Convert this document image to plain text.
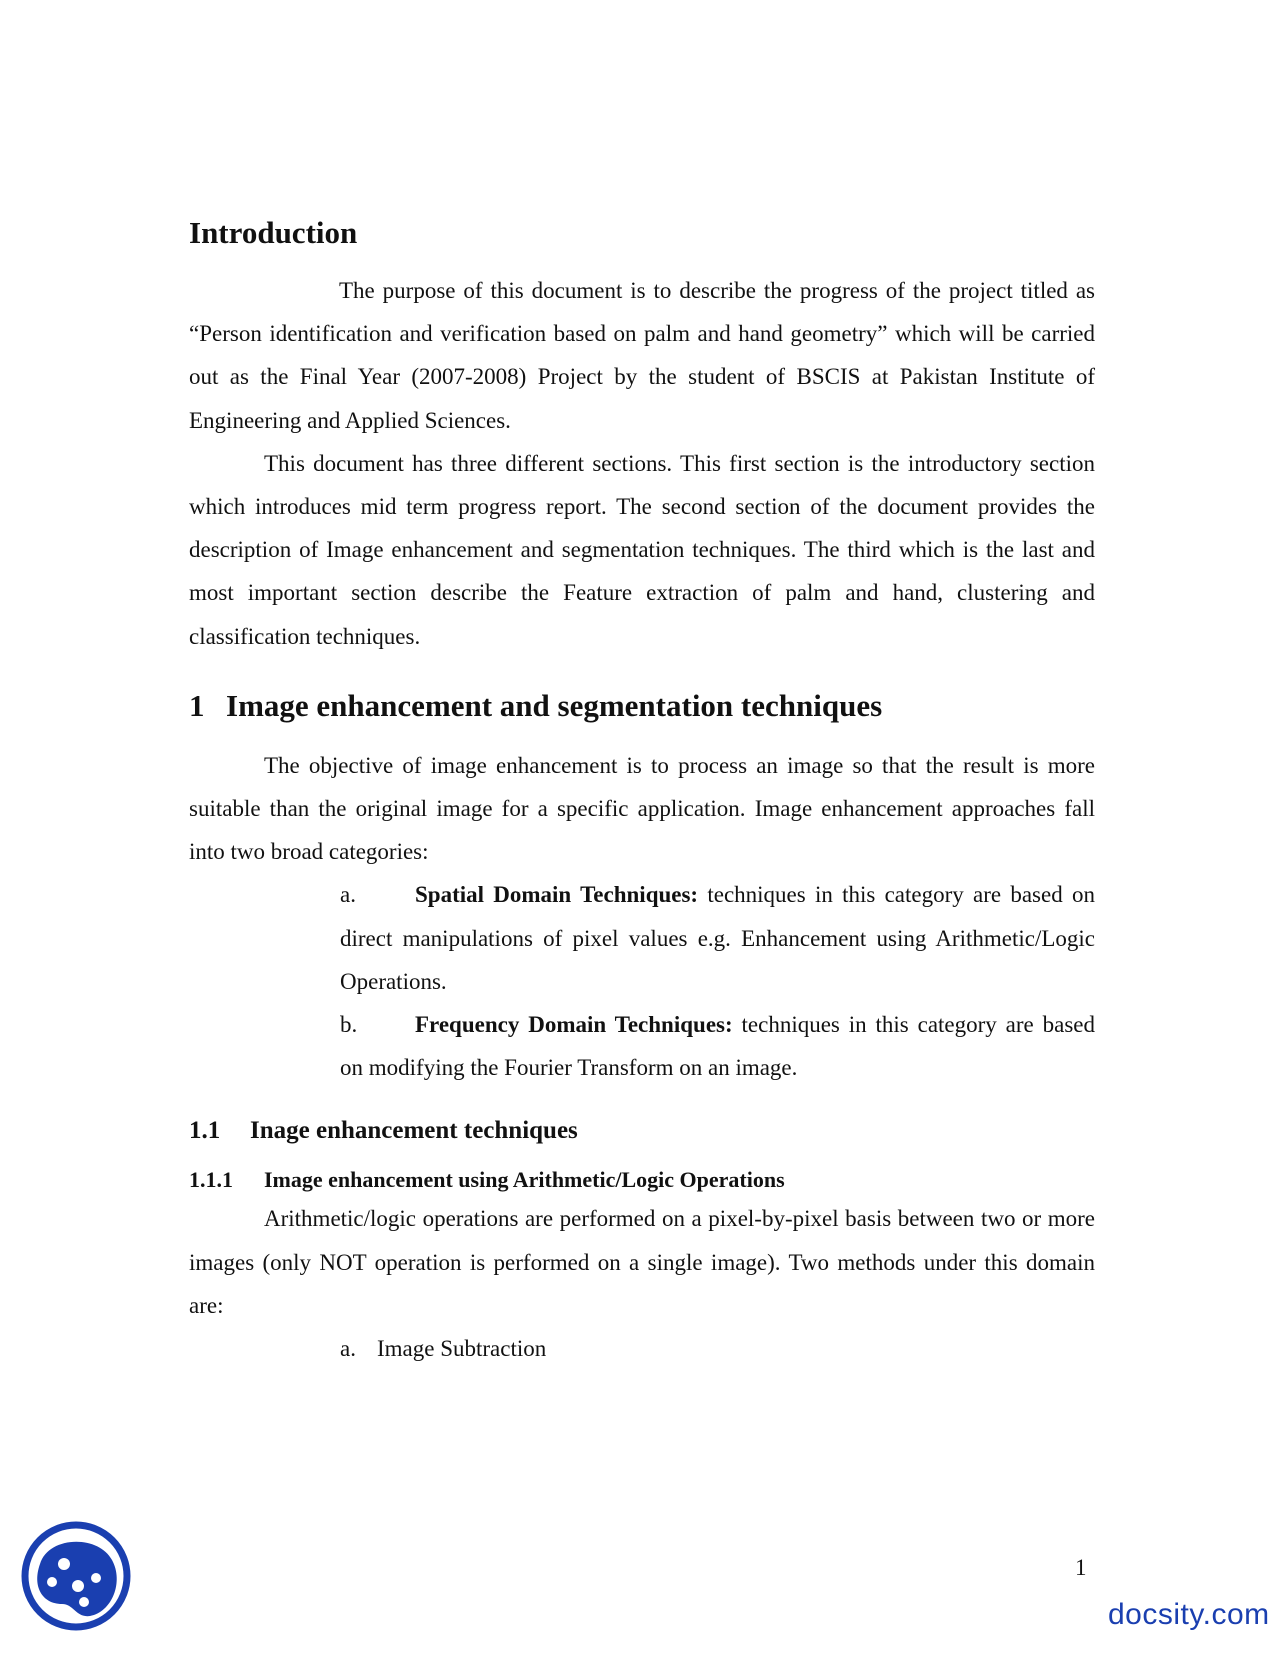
Introduction

The purpose of this document is to describe the progress of the project titled as “Person identification and verification based on palm and hand geometry” which will be carried out as the Final Year (2007-2008) Project by the student of BSCIS at Pakistan Institute of Engineering and Applied Sciences.

This document has three different sections. This first section is the introductory section which introduces mid term progress report. The second section of the document provides the description of Image enhancement and segmentation techniques. The third which is the last and most important section describe the Feature extraction of palm and hand, clustering and classification techniques.

1 Image enhancement and segmentation techniques

The objective of image enhancement is to process an image so that the result is more suitable than the original image for a specific application. Image enhancement approaches fall into two broad categories:

a.	Spatial Domain Techniques: techniques in this category are based on direct manipulations of pixel values e.g. Enhancement using Arithmetic/Logic Operations.
b.	Frequency Domain Techniques: techniques in this category are based on modifying the Fourier Transform on an image.
1.1	Inage enhancement techniques
1.1.1	Image enhancement using Arithmetic/Logic Operations

Arithmetic/logic operations are performed on a pixel-by-pixel basis between two or more images (only NOT operation is performed on a single image). Two methods under this domain are:

a. Image Subtraction
1
docsity.com
